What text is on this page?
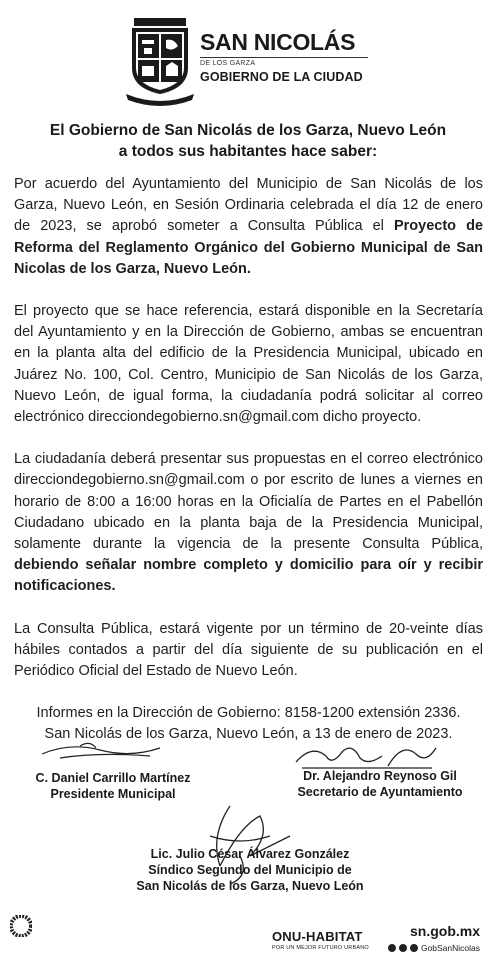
SAN NICOLÁS
DE LOS GARZA
GOBIERNO DE LA CIUDAD
El Gobierno de San Nicolás de los Garza, Nuevo León
a todos sus habitantes hace saber:

Por acuerdo del Ayuntamiento del Municipio de San Nicolás de los Garza, Nuevo León, en Sesión Ordinaria celebrada el día 12 de enero de 2023, se aprobó someter a Consulta Pública el Proyecto de Reforma del Reglamento Orgánico del Gobierno Municipal de San Nicolas de los Garza, Nuevo León.

El proyecto que se hace referencia, estará disponible en la Secretaría del Ayuntamiento y en la Dirección de Gobierno, ambas se encuentran en la planta alta del edificio de la Presidencia Municipal, ubicado en Juárez No. 100, Col. Centro, Municipio de San Nicolás de los Garza, Nuevo León, de igual forma, la ciudadanía podrá solicitar al correo electrónico direcciondegobierno.sn@gmail.com dicho proyecto.

La ciudadanía deberá presentar sus propuestas en el correo electrónico direcciondegobierno.sn@gmail.com o por escrito de lunes a viernes en horario de 8:00 a 16:00 horas en la Oficialía de Partes en el Pabellón Ciudadano ubicado en la planta baja de la Presidencia Municipal, solamente durante la vigencia de la presente Consulta Pública, debiendo señalar nombre completo y domicilio para oír y recibir notificaciones.

La Consulta Pública, estará vigente por un término de 20-veinte días hábiles contados a partir del día siguiente de su publicación en el Periódico Oficial del Estado de Nuevo León.

Informes en la Dirección de Gobierno: 8158-1200 extensión 2336.
San Nicolás de los Garza, Nuevo León, a 13 de enero de 2023.
C. Daniel Carrillo Martínez
Presidente Municipal
Dr. Alejandro Reynoso Gil
Secretario de Ayuntamiento
Lic. Julio César Álvarez González
Síndico Segundo del Municipio de
San Nicolás de los Garza, Nuevo León
ONU-HABITAT
POR UN MEJOR FUTURO URBANO
sn.gob.mx
GobSanNicolas
